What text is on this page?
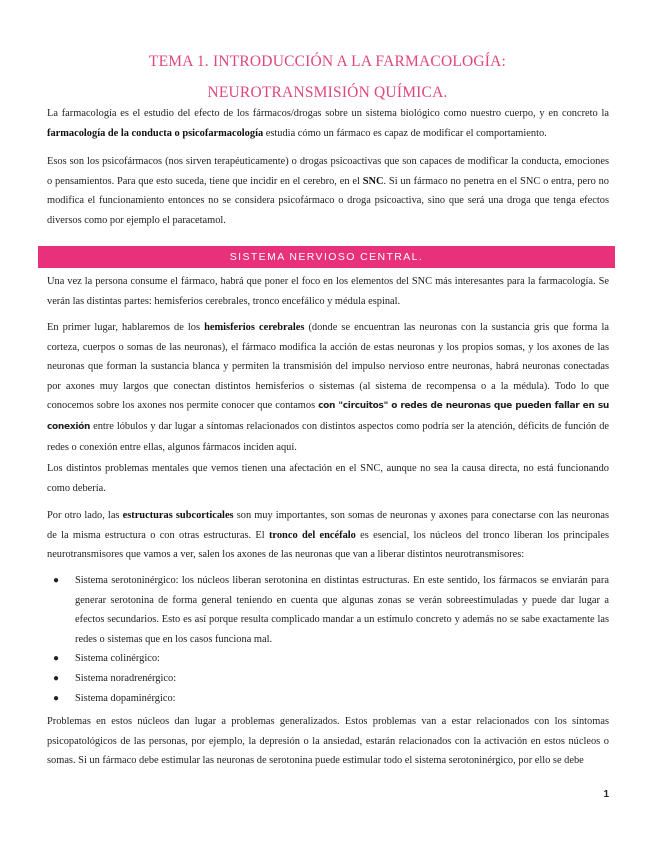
TEMA 1. INTRODUCCIÓN A LA FARMACOLOGÍA:
NEUROTRANSMISIÓN QUÍMICA.

La farmacología es el estudio del efecto de los fármacos/drogas sobre un sistema biológico como nuestro cuerpo, y en concreto la farmacología de la conducta o psicofarmacología estudia cómo un fármaco es capaz de modificar el comportamiento.

Esos son los psicofármacos (nos sirven terapéuticamente) o drogas psicoactivas que son capaces de modificar la conducta, emociones o pensamientos. Para que esto suceda, tiene que incidir en el cerebro, en el SNC. Si un fármaco no penetra en el SNC o entra, pero no modifica el funcionamiento entonces no se considera psicofármaco o droga psicoactiva, sino que será una droga que tenga efectos diversos como por ejemplo el paracetamol.

SISTEMA NERVIOSO CENTRAL.

Una vez la persona consume el fármaco, habrá que poner el foco en los elementos del SNC más interesantes para la farmacología. Se verán las distintas partes: hemisferios cerebrales, tronco encefálico y médula espinal.

En primer lugar, hablaremos de los hemisferios cerebrales (donde se encuentran las neuronas con la sustancia gris que forma la corteza, cuerpos o somas de las neuronas), el fármaco modifica la acción de estas neuronas y los propios somas, y los axones de las neuronas que forman la sustancia blanca y permiten la transmisión del impulso nervioso entre neuronas, habrá neuronas conectadas por axones muy largos que conectan distintos hemisferios o sistemas (al sistema de recompensa o a la médula). Todo lo que conocemos sobre los axones nos permite conocer que contamos con "circuitos" o redes de neuronas que pueden fallar en su conexión entre lóbulos y dar lugar a síntomas relacionados con distintos aspectos como podría ser la atención, déficits de función de redes o conexión entre ellas, algunos fármacos inciden aquí.

Los distintos problemas mentales que vemos tienen una afectación en el SNC, aunque no sea la causa directa, no está funcionando como debería.

Por otro lado, las estructuras subcorticales son muy importantes, son somas de neuronas y axones para conectarse con las neuronas de la misma estructura o con otras estructuras. El tronco del encéfalo es esencial, los núcleos del tronco liberan los principales neurotransmisores que vamos a ver, salen los axones de las neuronas que van a liberar distintos neurotransmisores:

● Sistema serotoninérgico: los núcleos liberan serotonina en distintas estructuras. En este sentido, los fármacos se enviarán para generar serotonina de forma general teniendo en cuenta que algunas zonas se verán sobreestimuladas y puede dar lugar a efectos secundarios. Esto es así porque resulta complicado mandar a un estímulo concreto y además no se sabe exactamente las redes o sistemas que en los casos funciona mal.
● Sistema colinérgico:
● Sistema noradrenérgico:
● Sistema dopaminérgico:

Problemas en estos núcleos dan lugar a problemas generalizados. Estos problemas van a estar relacionados con los síntomas psicopatológicos de las personas, por ejemplo, la depresión o la ansiedad, estarán relacionados con la activación en estos núcleos o somas. Si un fármaco debe estimular las neuronas de serotonina puede estimular todo el sistema serotoninérgico, por ello se debe

1
